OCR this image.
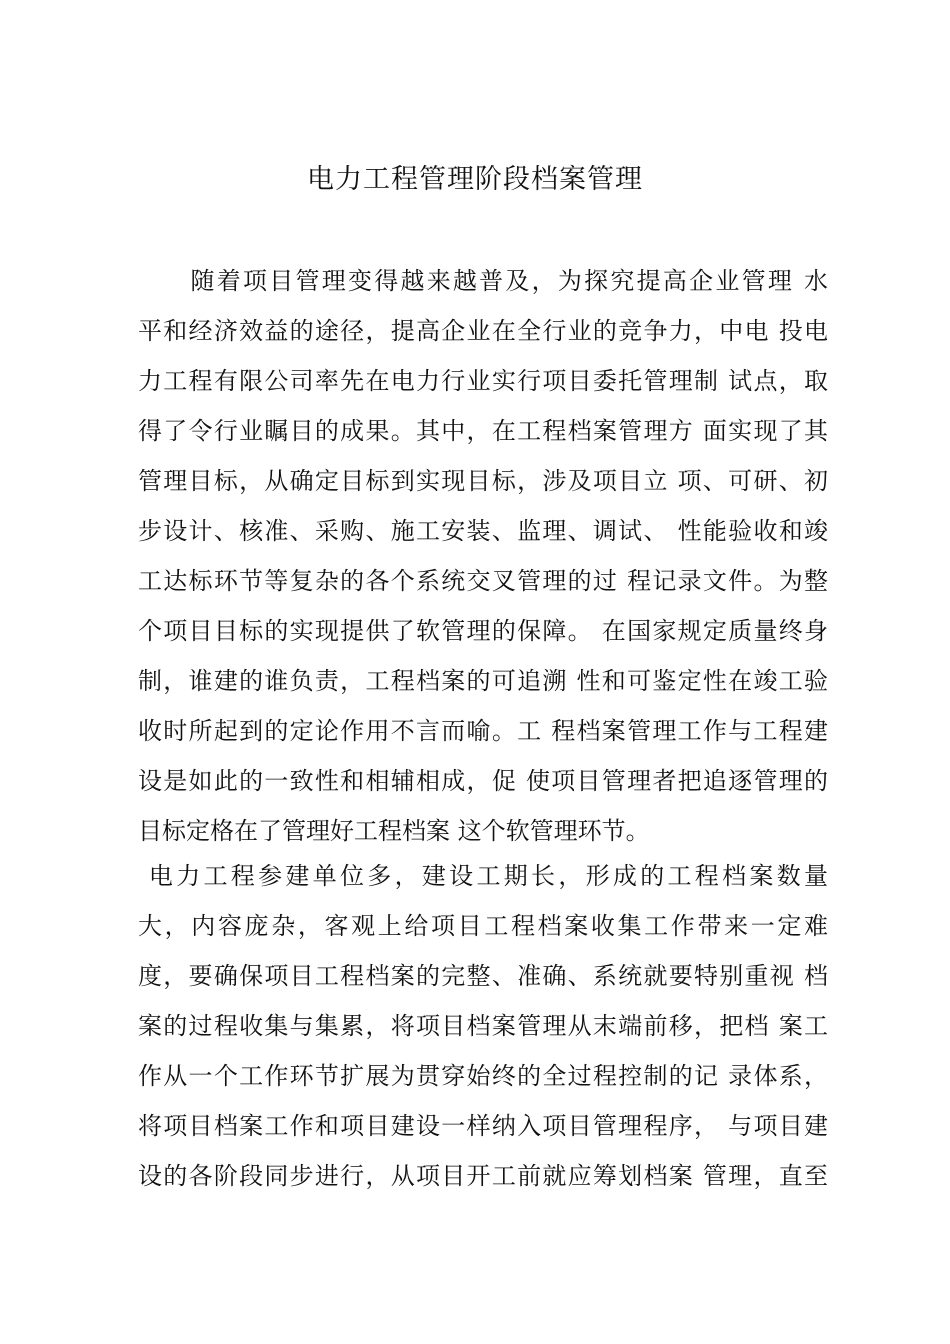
电力工程管理阶段档案管理
　　随着项目管理变得越来越普及，为探究提高企业管理 水
平和经济效益的途径，提高企业在全行业的竞争力，中电 投电
力工程有限公司率先在电力行业实行项目委托管理制 试点，取
得了令行业瞩目的成果。其中，在工程档案管理方 面实现了其
管理目标，从确定目标到实现目标，涉及项目立 项、可研、初
步设计、核准、采购、施工安装、监理、调试、 性能验收和竣
工达标环节等复杂的各个系统交叉管理的过 程记录文件。为整
个项目目标的实现提供了软管理的保障。 在国家规定质量终身
制，谁建的谁负责，工程档案的可追溯 性和可鉴定性在竣工验
收时所起到的定论作用不言而喻。工 程档案管理工作与工程建
设是如此的一致性和相辅相成，促 使项目管理者把追逐管理的
目标定格在了管理好工程档案 这个软管理环节。
电力工程参建单位多，建设工期长，形成的工程档案数量
大，内容庞杂，客观上给项目工程档案收集工作带来一定难
度，要确保项目工程档案的完整、准确、系统就要特别重视 档
案的过程收集与集累，将项目档案管理从末端前移，把档 案工
作从一个工作环节扩展为贯穿始终的全过程控制的记 录体系，
将项目档案工作和项目建设一样纳入项目管理程序， 与项目建
设的各阶段同步进行，从项目开工前就应筹划档案 管理，直至
